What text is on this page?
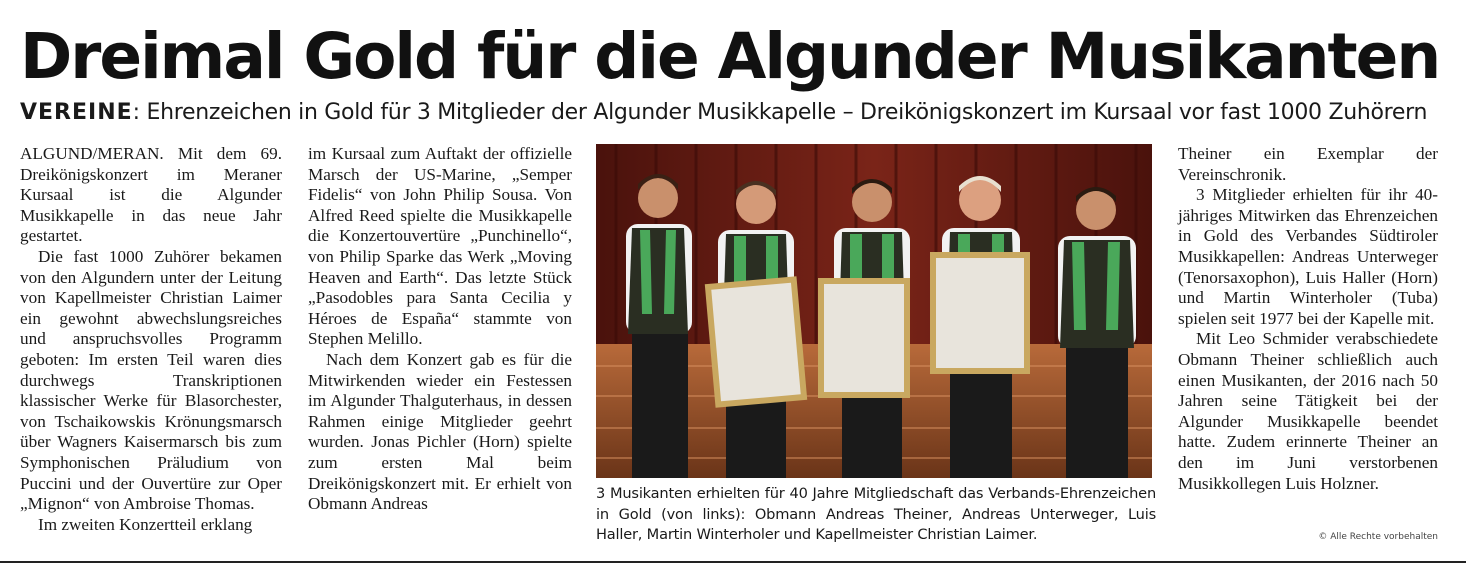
Dreimal Gold für die Algunder Musikanten

VEREINE: Ehrenzeichen in Gold für 3 Mitglieder der Algunder Musikkapelle – Dreikönigskonzert im Kursaal vor fast 1000 Zuhörern

ALGUND/MERAN. Mit dem 69. Dreikönigskonzert im Meraner Kursaal ist die Algunder Musikkapelle in das neue Jahr gestartet.

Die fast 1000 Zuhörer bekamen von den Algundern unter der Leitung von Kapellmeister Christian Laimer ein gewohnt abwechslungsreiches und anspruchsvolles Programm geboten: Im ersten Teil waren dies durchwegs Transkriptionen klassischer Werke für Blasorchester, von Tschaikowskis Krönungsmarsch über Wagners Kaisermarsch bis zum Symphonischen Präludium von Puccini und der Ouvertüre zur Oper „Mignon“ von Ambroise Thomas.

Im zweiten Konzertteil erklang

im Kursaal zum Auftakt der offizielle Marsch der US-Marine, „Semper Fidelis“ von John Philip Sousa. Von Alfred Reed spielte die Musikkapelle die Konzertouvertüre „Punchinello“, von Philip Sparke das Werk „Moving Heaven and Earth“. Das letzte Stück „Pasodobles para Santa Cecilia y Héroes de España“ stammte von Stephen Melillo.

Nach dem Konzert gab es für die Mitwirkenden wieder ein Festessen im Algunder Thalguterhaus, in dessen Rahmen einige Mitglieder geehrt wurden. Jonas Pichler (Horn) spielte zum ersten Mal beim Dreikönigskonzert mit. Er erhielt von Obmann Andreas

3 Musikanten erhielten für 40 Jahre Mitgliedschaft das Verbands-Ehrenzeichen in Gold (von links): Obmann Andreas Theiner, Andreas Unterweger, Luis Haller, Martin Winterholer und Kapellmeister Christian Laimer.

Theiner ein Exemplar der Vereinschronik.

3 Mitglieder erhielten für ihr 40-jähriges Mitwirken das Ehrenzeichen in Gold des Verbandes Südtiroler Musikkapellen: Andreas Unterweger (Tenorsaxophon), Luis Haller (Horn) und Martin Winterholer (Tuba) spielen seit 1977 bei der Kapelle mit.

Mit Leo Schmider verabschiedete Obmann Theiner schließlich auch einen Musikanten, der 2016 nach 50 Jahren seine Tätigkeit bei der Algunder Musikkapelle beendet hatte. Zudem erinnerte Theiner an den im Juni verstorbenen Musikkollegen Luis Holzner.

© Alle Rechte vorbehalten
